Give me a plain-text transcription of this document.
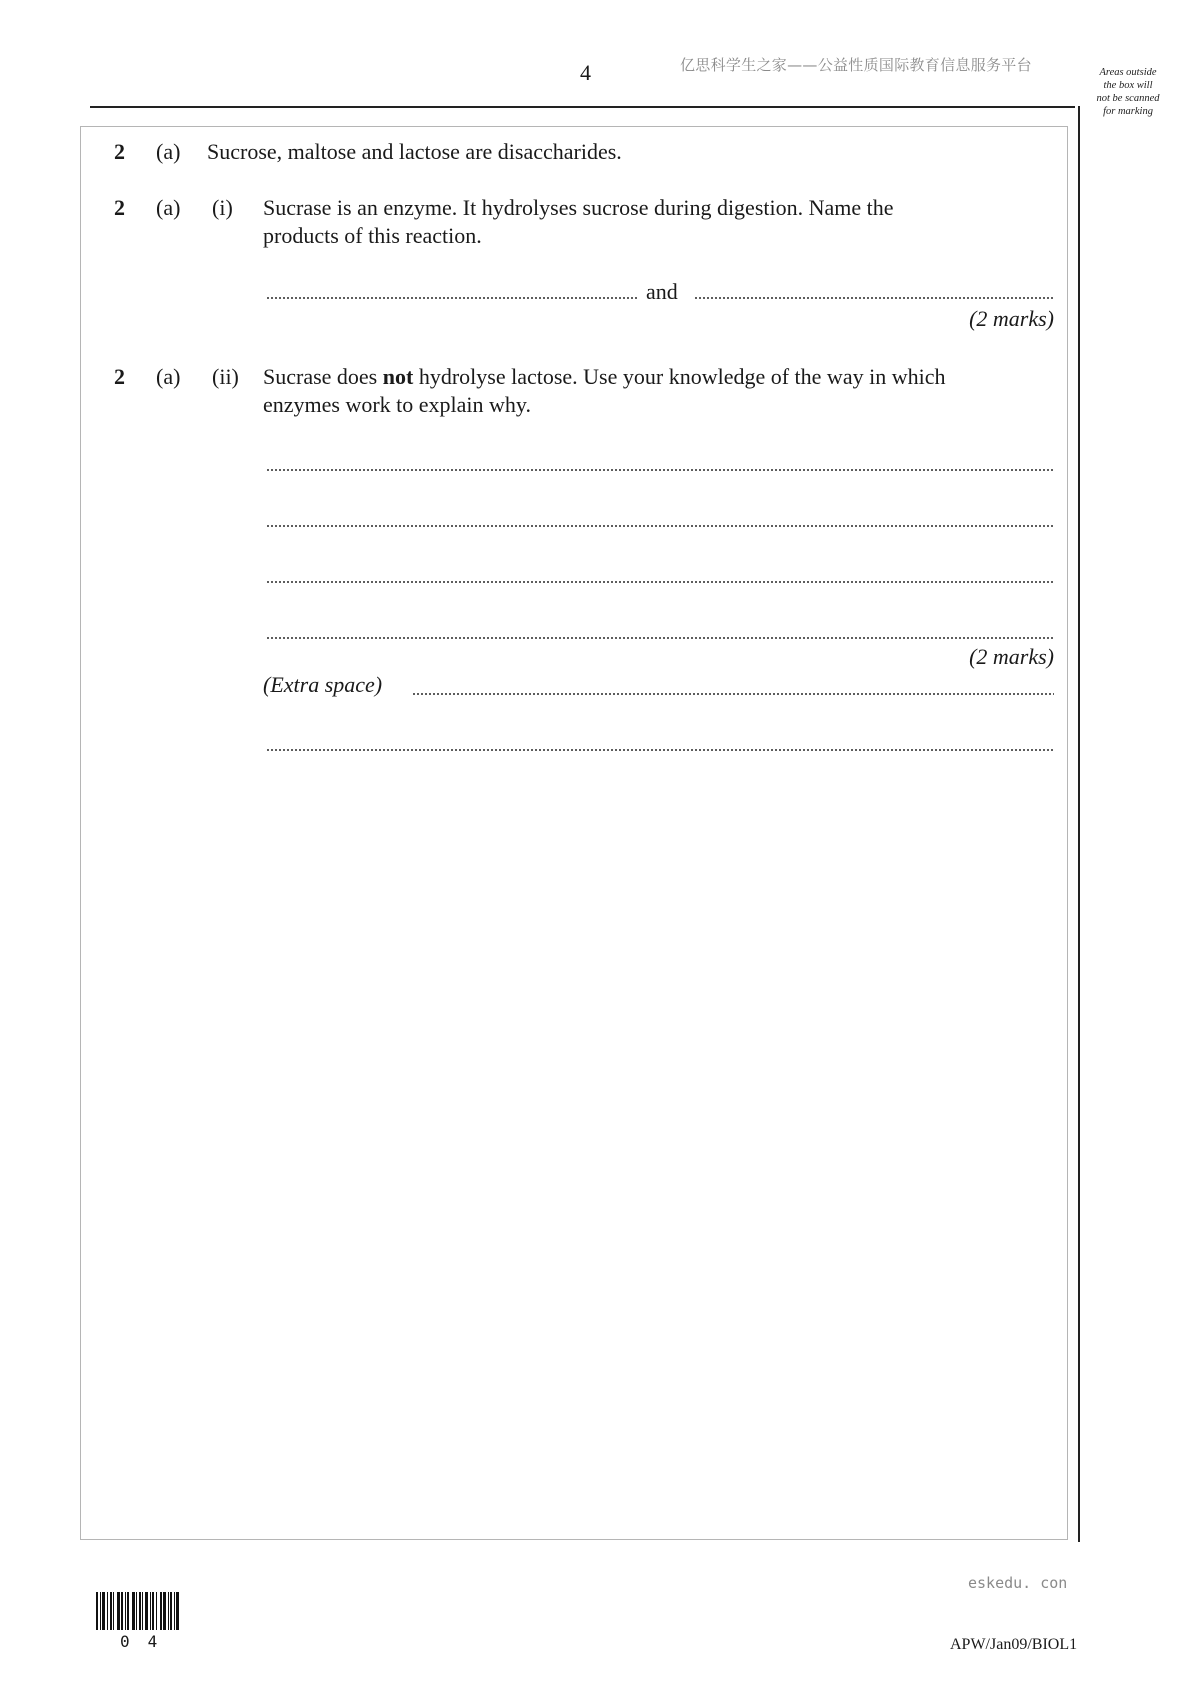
4	亿思科学生之家——公益性质国际教育信息服务平台	Areas outside
the box will
not be scanned
for marking
2 (a) Sucrose, maltose and lactose are disaccharides.
2 (a) (i) Sucrase is an enzyme. It hydrolyses sucrose during digestion. Name the
products of this reaction.
and
(2 marks)
2 (a) (ii) Sucrase does not hydrolyse lactose. Use your knowledge of the way in which
enzymes work to explain why.
(2 marks)
(Extra space)
eskedu. con
04	APW/Jan09/BIOL1
